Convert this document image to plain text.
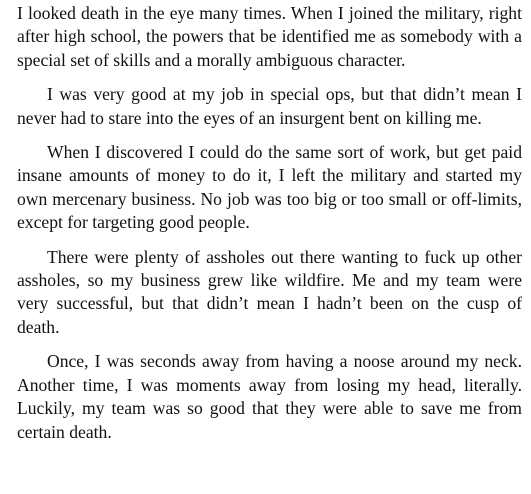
I looked death in the eye many times. When I joined the military, right after high school, the powers that be identified me as somebody with a special set of skills and a morally ambiguous character.

I was very good at my job in special ops, but that didn’t mean I never had to stare into the eyes of an insurgent bent on killing me.

When I discovered I could do the same sort of work, but get paid insane amounts of money to do it, I left the military and started my own mercenary business. No job was too big or too small or off-limits, except for targeting good people.

There were plenty of assholes out there wanting to fuck up other assholes, so my business grew like wildfire. Me and my team were very successful, but that didn’t mean I hadn’t been on the cusp of death.

Once, I was seconds away from having a noose around my neck. Another time, I was moments away from losing my head, literally. Luckily, my team was so good that they were able to save me from certain death.
